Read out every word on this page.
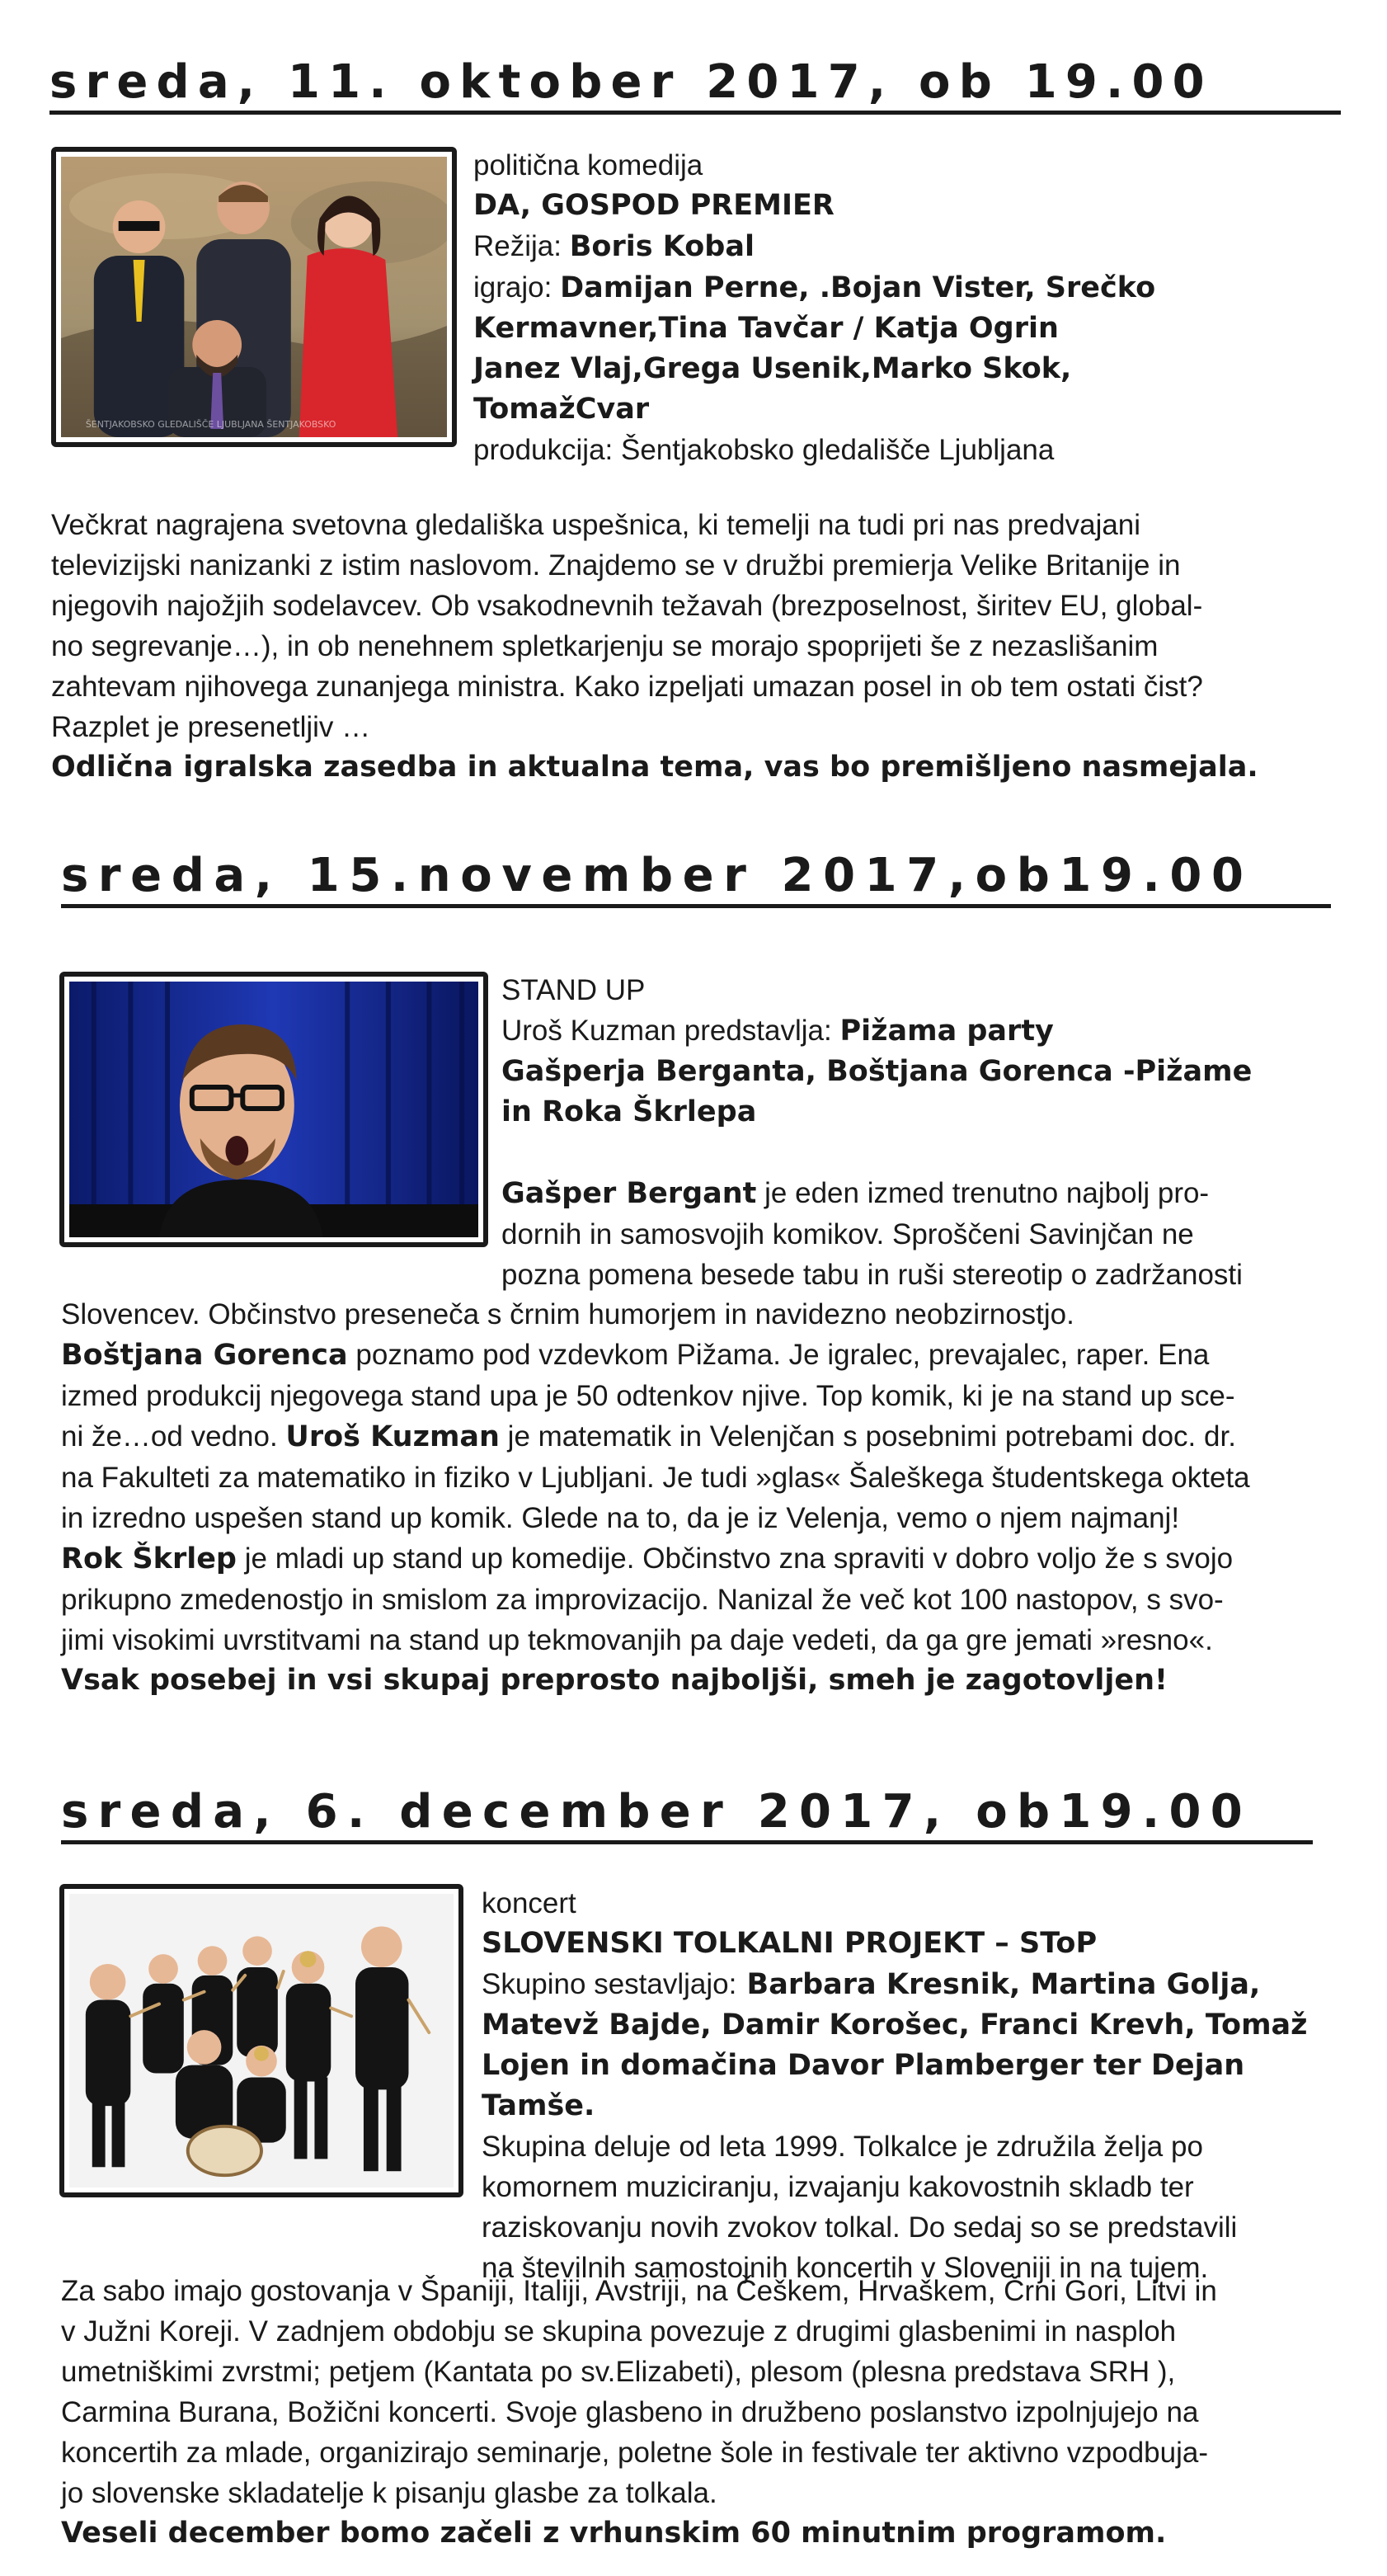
sreda, 11. oktober 2017, ob 19.00
ŠENTJAKOBSKO GLEDALIŠČE LJUBLJANA ŠENTJAKOBSKO
politična komedija
DA, GOSPOD PREMIER
Režija: Boris Kobal
igrajo: Damijan Perne, .Bojan Vister, Srečko
Kermavner,Tina Tavčar / Katja Ogrin
Janez Vlaj,Grega Usenik,Marko Skok,
TomažCvar
produkcija: Šentjakobsko gledališče Ljubljana
Večkrat nagrajena svetovna gledališka uspešnica, ki temelji na tudi pri nas predvajani
televizijski nanizanki z istim naslovom. Znajdemo se v družbi premierja Velike Britanije in
njegovih najožjih sodelavcev. Ob vsakodnevnih težavah (brezposelnost, širitev EU, global-
no segrevanje…), in ob nenehnem spletkarjenju se morajo spoprijeti še z nezaslišanim
zahtevam njihovega zunanjega ministra. Kako izpeljati umazan posel in ob tem ostati čist?
Razplet je presenetljiv …
Odlična igralska zasedba in aktualna tema, vas bo premišljeno nasmejala.
sreda, 15.november 2017,ob19.00
STAND UP
Uroš Kuzman predstavlja: Pižama party
Gašperja Berganta, Boštjana Gorenca -Pižame
in Roka Škrlepa
Gašper Bergant je eden izmed trenutno najbolj pro-
dornih in samosvojih komikov. Sproščeni Savinjčan ne
pozna pomena besede tabu in ruši stereotip o zadržanosti
Slovencev. Občinstvo preseneča s črnim humorjem in navidezno neobzirnostjo.
Boštjana Gorenca poznamo pod vzdevkom Pižama. Je igralec, prevajalec, raper. Ena
izmed produkcij njegovega stand upa je 50 odtenkov njive. Top komik, ki je na stand up sce-
ni že…od vedno. Uroš Kuzman je matematik in Velenjčan s posebnimi potrebami doc. dr.
na Fakulteti za matematiko in fiziko v Ljubljani. Je tudi »glas« Šaleškega študentskega okteta
in izredno uspešen stand up komik. Glede na to, da je iz Velenja, vemo o njem najmanj!
Rok Škrlep je mladi up stand up komedije. Občinstvo zna spraviti v dobro voljo že s svojo
prikupno zmedenostjo in smislom za improvizacijo. Nanizal že več kot 100 nastopov, s svo-
jimi visokimi uvrstitvami na stand up tekmovanjih pa daje vedeti, da ga gre jemati »resno«.
Vsak posebej in vsi skupaj preprosto najboljši, smeh je zagotovljen!
sreda, 6. december 2017, ob19.00
koncert
SLOVENSKI TOLKALNI PROJEKT – SToP
Skupino sestavljajo: Barbara Kresnik, Martina Golja,
Matevž Bajde, Damir Korošec, Franci Krevh, Tomaž
Lojen in domačina Davor Plamberger ter Dejan
Tamše.
Skupina deluje od leta 1999. Tolkalce je združila želja po
komornem muziciranju, izvajanju kakovostnih skladb ter
raziskovanju novih zvokov tolkal. Do sedaj so se predstavili
na številnih samostojnih koncertih v Sloveniji in na tujem.
Za sabo imajo gostovanja v Španiji, Italiji, Avstriji, na Češkem, Hrvaškem, Črni Gori, Litvi in
v Južni Koreji. V zadnjem obdobju se skupina povezuje z drugimi glasbenimi in nasploh
umetniškimi zvrstmi; petjem (Kantata po sv.Elizabeti), plesom (plesna predstava SRH ),
Carmina Burana, Božični koncerti. Svoje glasbeno in družbeno poslanstvo izpolnjujejo na
koncertih za mlade, organizirajo seminarje, poletne šole in festivale ter aktivno vzpodbuja-
jo slovenske skladatelje k pisanju glasbe za tolkala.
Veseli december bomo začeli z vrhunskim 60 minutnim programom.
